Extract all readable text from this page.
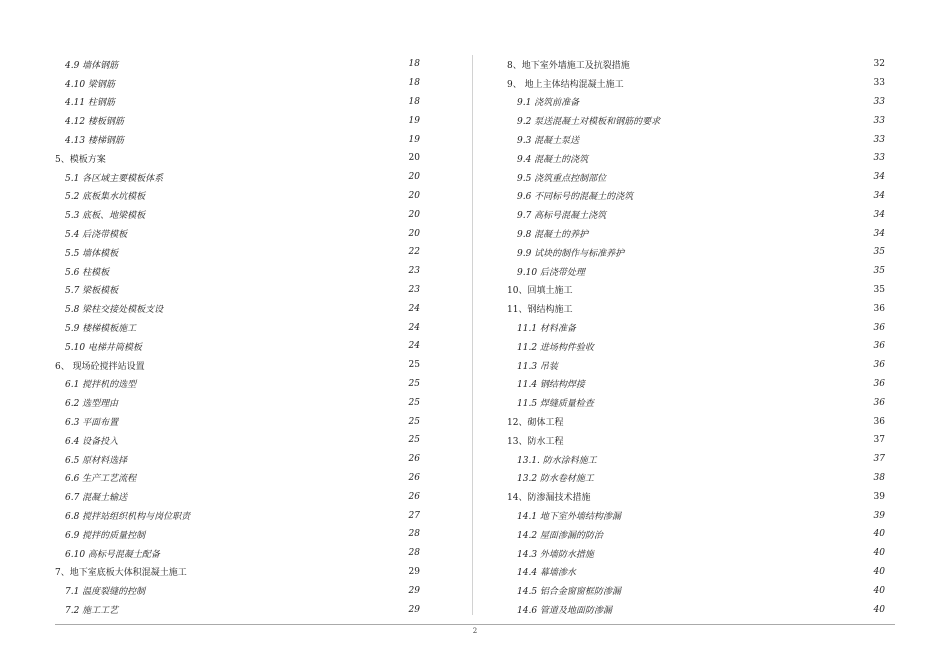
4.9 墙体钢筋	18
4.10 梁钢筋	18
4.11 柱钢筋	18
4.12 楼板钢筋	19
4.13 楼梯钢筋	19
5、模板方案	20
5.1 各区域主要模板体系	20
5.2 底板集水坑模板	20
5.3 底板、地梁模板	20
5.4 后浇带模板	20
5.5 墙体模板	22
5.6 柱模板	23
5.7 梁板模板	23
5.8 梁柱交接处模板支设	24
5.9 楼梯模板施工	24
5.10 电梯井筒模板	24
6、 现场砼搅拌站设置	25
6.1 搅拌机的选型	25
6.2 选型理由	25
6.3 平面布置	25
6.4 设备投入	25
6.5 原材料选择	26
6.6 生产工艺流程	26
6.7 混凝土输送	26
6.8 搅拌站组织机构与岗位职责	27
6.9 搅拌的质量控制	28
6.10 高标号混凝土配备	28
7、地下室底板大体积混凝土施工	29
7.1 温度裂缝的控制	29
7.2 施工工艺	29
8、地下室外墙施工及抗裂措施	32
9、 地上主体结构混凝土施工	33
9.1 浇筑前准备	33
9.2 泵送混凝土对模板和钢筋的要求	33
9.3 混凝土泵送	33
9.4 混凝土的浇筑	33
9.5 浇筑重点控制部位	34
9.6 不同标号的混凝土的浇筑	34
9.7 高标号混凝土浇筑	34
9.8 混凝土的养护	34
9.9 试块的制作与标准养护	35
9.10 后浇带处理	35
10、回填土施工	35
11、钢结构施工	36
11.1 材料准备	36
11.2 进场构件验收	36
11.3 吊装	36
11.4 钢结构焊接	36
11.5 焊缝质量检查	36
12、砌体工程	36
13、防水工程	37
13.1. 防水涂料施工	37
13.2 防水卷材施工	38
14、防渗漏技术措施	39
14.1 地下室外墙结构渗漏	39
14.2 屋面渗漏的防治	40
14.3 外墙防水措施	40
14.4 幕墙渗水	40
14.5 铝合金窗窗框防渗漏	40
14.6 管道及地面防渗漏	40
2
